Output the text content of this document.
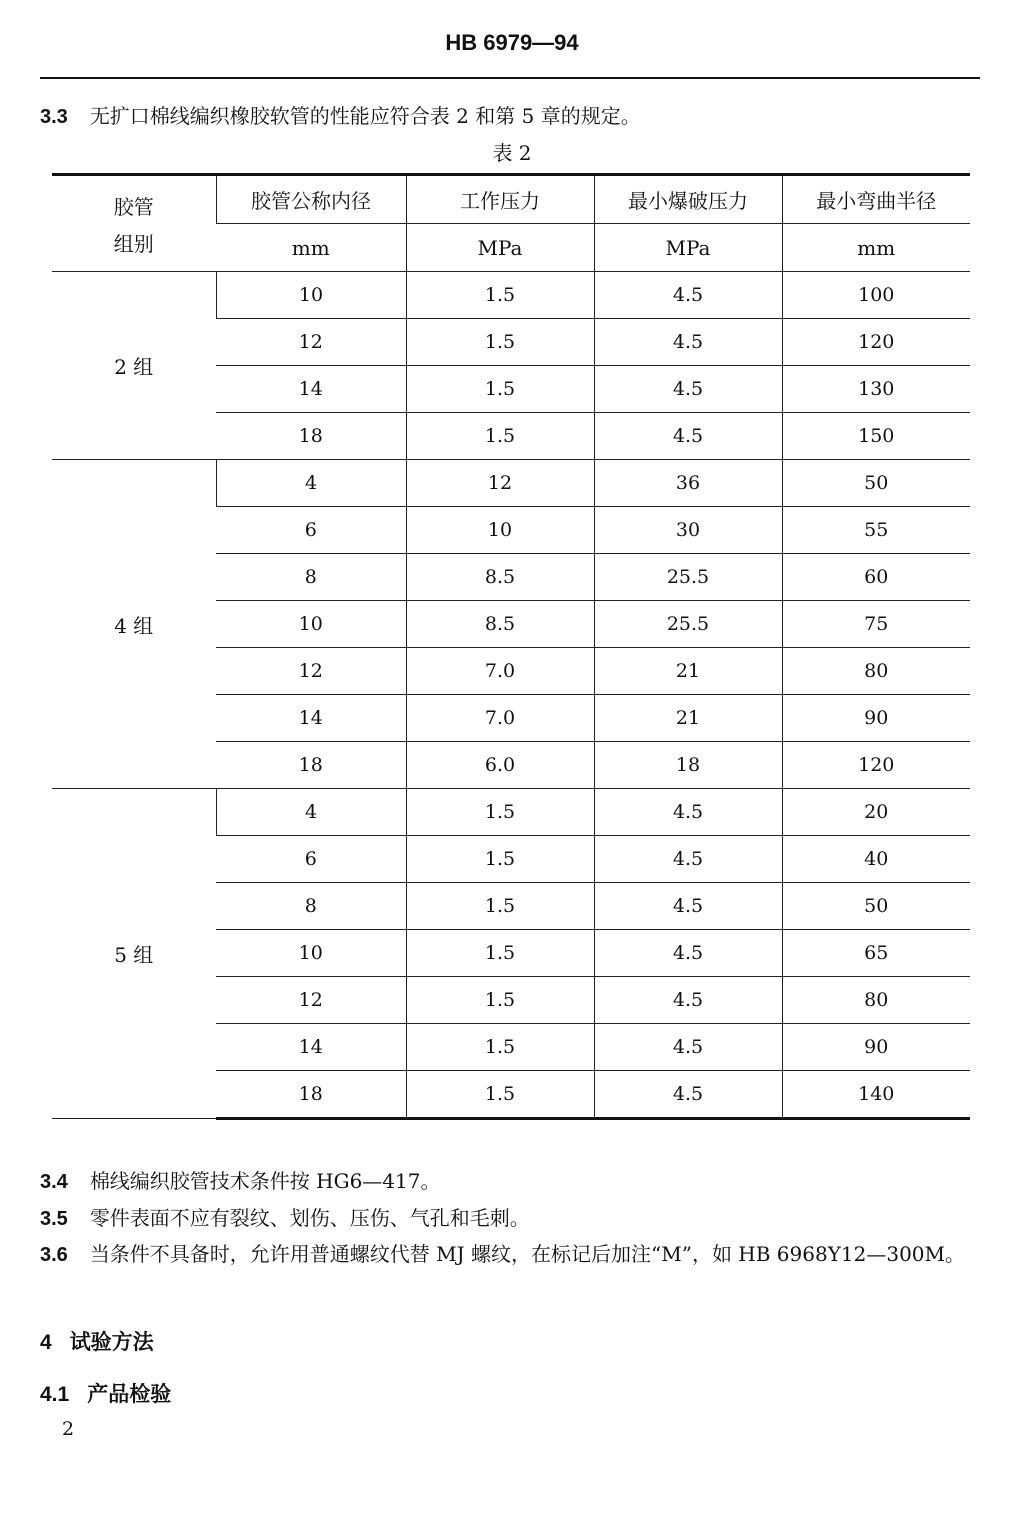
HB 6979—94

3.3 无扩口棉线编织橡胶软管的性能应符合表 2 和第 5 章的规定。

表 2
胶管
组别	胶管公称内径	工作压力	最小爆破压力	最小弯曲半径
	mm	MPa	MPa	mm
2 组	10	1.5	4.5	100
	12	1.5	4.5	120
	14	1.5	4.5	130
	18	1.5	4.5	150
4 组	4	12	36	50
	6	10	30	55
	8	8.5	25.5	60
	10	8.5	25.5	75
	12	7.0	21	80
	14	7.0	21	90
	18	6.0	18	120
5 组	4	1.5	4.5	20
	6	1.5	4.5	40
	8	1.5	4.5	50
	10	1.5	4.5	65
	12	1.5	4.5	80
	14	1.5	4.5	90
	18	1.5	4.5	140

3.4 棉线编织胶管技术条件按 HG6—417。

3.5 零件表面不应有裂纹、划伤、压伤、气孔和毛刺。

3.6 当条件不具备时，允许用普通螺纹代替 MJ 螺纹，在标记后加注“M”，如 HB 6968Y12—300M。

4 试验方法
4.1 产品检验
2
